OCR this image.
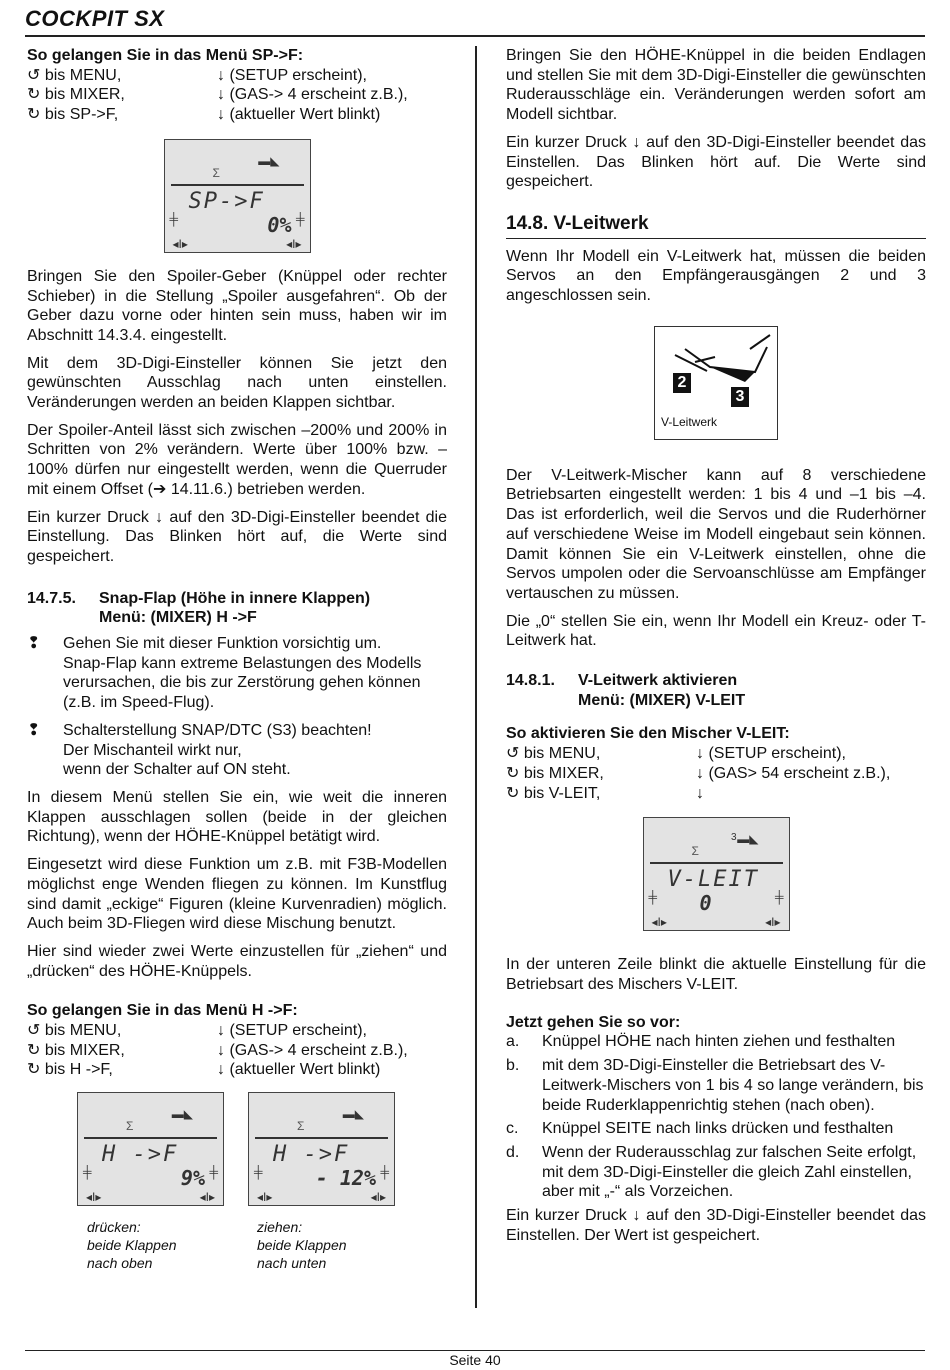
COCKPIT SX
So gelangen Sie in das Menü SP->F:
↺ bis MENU,	↓ (SETUP erscheint),
↻ bis MIXER,	↓ (GAS-> 4 erscheint z.B.),
↻ bis SP->F,	↓ (aktueller Wert blinkt)
▬◣
Σ
SP->F
0%
╪	╪
◂I▸	◂I▸

Bringen Sie den Spoiler-Geber (Knüppel oder rechter Schieber) in die Stellung „Spoiler ausgefahren“. Ob der Geber dazu vorne oder hinten sein muss, haben wir im Abschnitt 14.3.4. eingestellt.

Mit dem 3D-Digi-Einsteller können Sie jetzt den gewünschten Ausschlag nach unten einstellen. Veränderungen werden an beiden Klappen sichtbar.

Der Spoiler-Anteil lässt sich zwischen –200% und 200% in Schritten von 2% verändern. Werte über 100% bzw. –100% dürfen nur eingestellt werden, wenn die Querruder mit einem Offset (➔ 14.11.6.) betrieben werden.

Ein kurzer Druck ↓ auf den 3D-Digi-Einsteller beendet die Einstellung. Das Blinken hört auf, die Werte sind gespeichert.

14.7.5.	Snap-Flap (Höhe in innere Klappen)
Menü: (MIXER) H ->F
❢	Gehen Sie mit dieser Funktion vorsichtig um.
Snap-Flap kann extreme Belastungen des Modells verursachen, die bis zur Zerstörung gehen können (z.B. im Speed-Flug).
❢	Schalterstellung SNAP/DTC (S3) beachten!
Der Mischanteil wirkt nur,
wenn der Schalter auf ON steht.

In diesem Menü stellen Sie ein, wie weit die inneren Klappen ausschlagen sollen (beide in der gleichen Richtung), wenn der HÖHE-Knüppel betätigt wird.

Eingesetzt wird diese Funktion um z.B. mit F3B-Modellen möglichst enge Wenden fliegen zu können. Im Kunstflug sind damit „eckige“ Figuren (kleine Kurvenradien) möglich. Auch beim 3D-Fliegen wird diese Mischung benutzt.

Hier sind wieder zwei Werte einzustellen für „ziehen“ und „drücken“ des HÖHE-Knüppels.

So gelangen Sie in das Menü H ->F:
↺ bis MENU,	↓ (SETUP erscheint),
↻ bis MIXER,	↓ (GAS-> 4 erscheint z.B.),
↻ bis H ->F,	↓ (aktueller Wert blinkt)
▬◣
Σ
H ->F
9%
╪	╪
◂I▸	◂I▸
▬◣
Σ
H ->F
- 12%
╪	╪
◂I▸	◂I▸
drücken:
beide Klappen
nach oben
ziehen:
beide Klappen
nach unten

Bringen Sie den HÖHE-Knüppel in die beiden Endlagen und stellen Sie mit dem 3D-Digi-Einsteller die gewünschten Ruderausschläge ein. Veränderungen werden sofort am Modell sichtbar.

Ein kurzer Druck ↓ auf den 3D-Digi-Einsteller beendet das Einstellen. Das Blinken hört auf. Die Werte sind gespeichert.

14.8. V-Leitwerk

Wenn Ihr Modell ein V-Leitwerk hat, müssen die beiden Servos an den Empfängerausgängen 2 und 3 angeschlossen sein.

2
3
V-Leitwerk

Der V-Leitwerk-Mischer kann auf 8 verschiedene Betriebsarten eingestellt werden: 1 bis 4 und –1 bis –4. Das ist erforderlich, weil die Servos und die Ruderhörner auf verschiedene Weise im Modell eingebaut sein können. Damit können Sie ein V-Leitwerk einstellen, ohne die Servos umpolen oder die Servoanschlüsse am Empfänger vertauschen zu müssen.

Die „0“ stellen Sie ein, wenn Ihr Modell ein Kreuz- oder T-Leitwerk hat.

14.8.1.	V-Leitwerk aktivieren
Menü: (MIXER) V-LEIT
So aktivieren Sie den Mischer V-LEIT:
↺ bis MENU,	↓ (SETUP erscheint),
↻ bis MIXER,	↓ (GAS> 54 erscheint z.B.),
↻ bis V-LEIT,	↓
3 ▬◣
Σ
V-LEIT
0
╪	╪
◂I▸	◂I▸

In der unteren Zeile blinkt die aktuelle Einstellung für die Betriebsart des Mischers V-LEIT.

Jetzt gehen Sie so vor:
a.	Knüppel HÖHE nach hinten ziehen und festhalten
b.	mit dem 3D-Digi-Einsteller die Betriebsart des V-Leitwerk-Mischers von 1 bis 4 so lange verändern, bis beide Ruderklappenrichtig stehen (nach oben).
c.	Knüppel SEITE nach links drücken und festhalten
d.	Wenn der Ruderausschlag zur falschen Seite erfolgt, mit dem 3D-Digi-Einsteller die gleich Zahl einstellen, aber mit „-“ als Vorzeichen.

Ein kurzer Druck ↓ auf den 3D-Digi-Einsteller beendet das Einstellen. Der Wert ist gespeichert.

Seite 40
